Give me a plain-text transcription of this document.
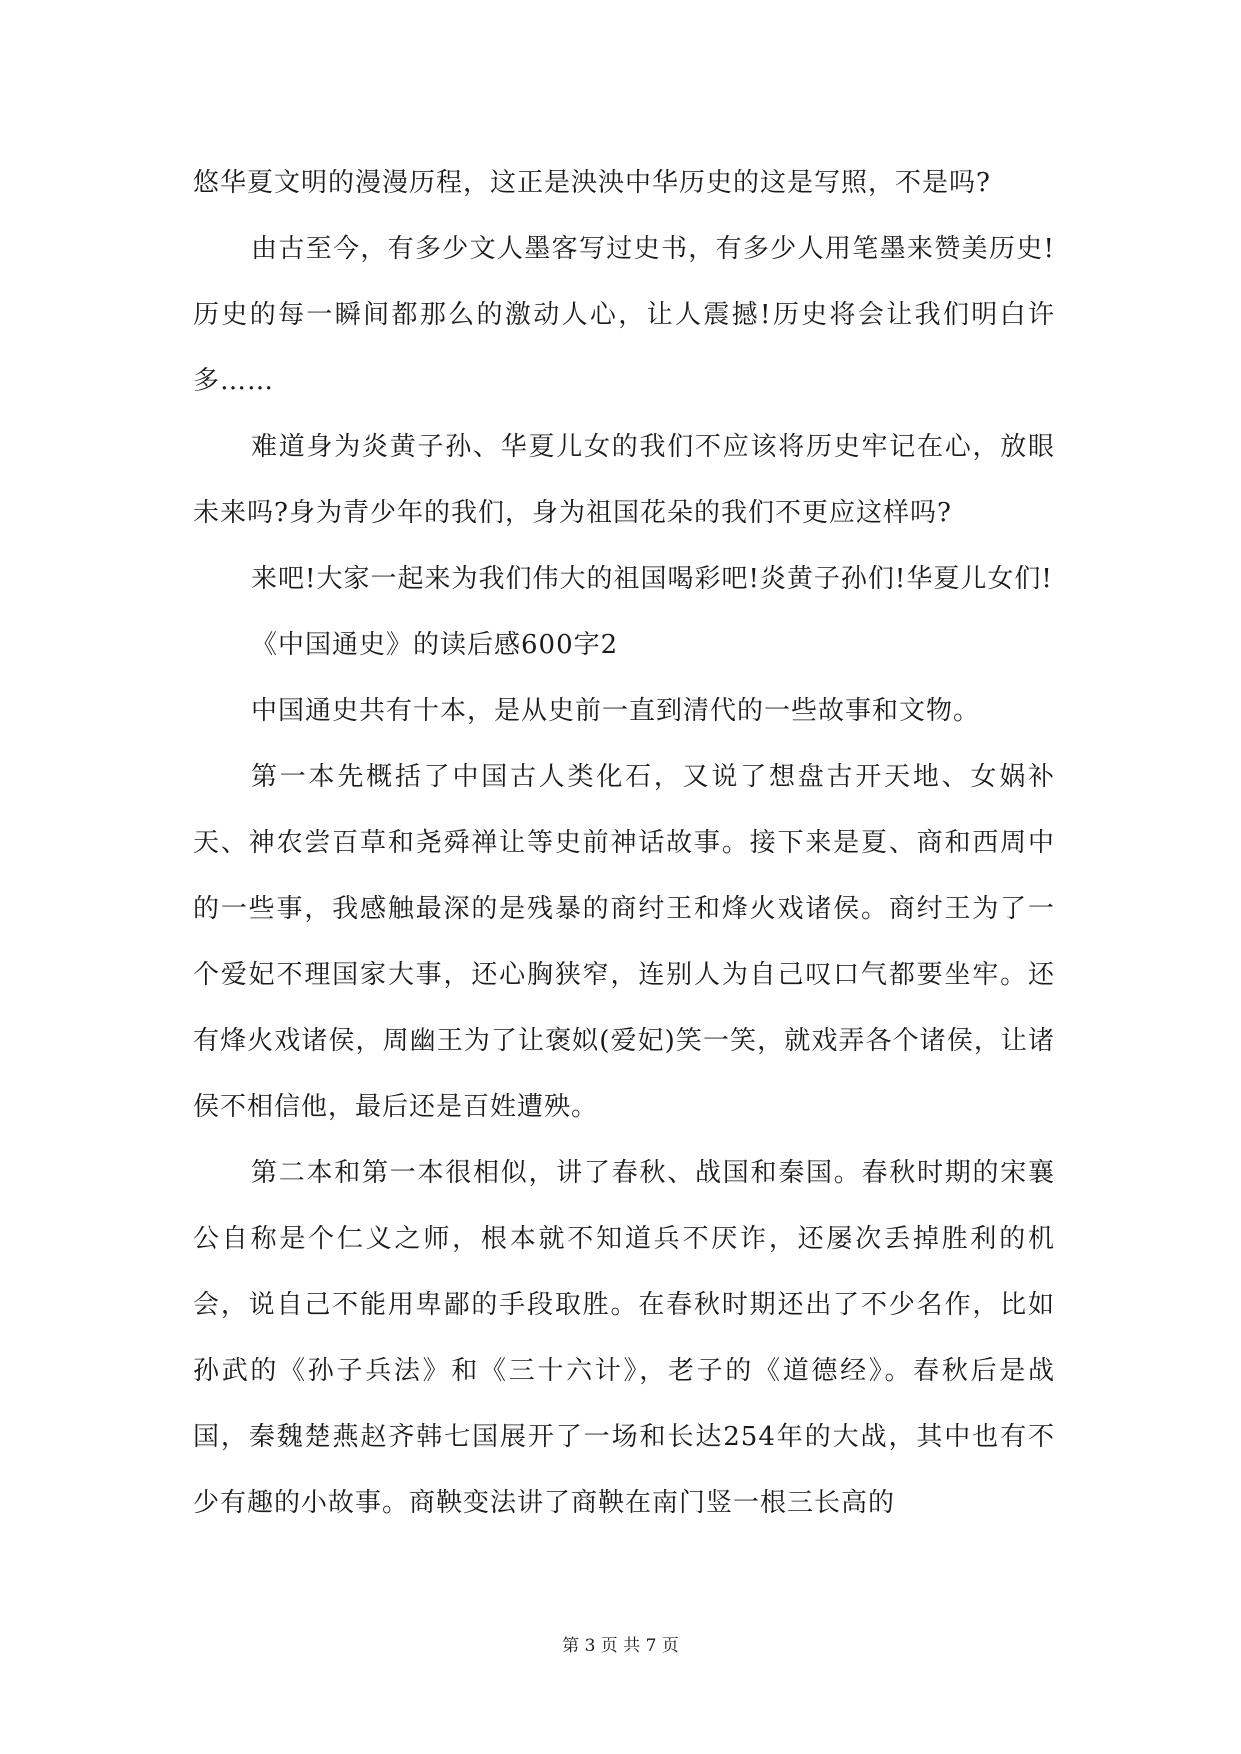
悠华夏文明的漫漫历程，这正是泱泱中华历史的这是写照，不是吗?

由古至今，有多少文人墨客写过史书，有多少人用笔墨来赞美历史!历史的每一瞬间都那么的激动人心，让人震撼!历史将会让我们明白许多……

难道身为炎黄子孙、华夏儿女的我们不应该将历史牢记在心，放眼未来吗?身为青少年的我们，身为祖国花朵的我们不更应这样吗?

来吧!大家一起来为我们伟大的祖国喝彩吧!炎黄子孙们!华夏儿女们!

《中国通史》的读后感600字2

中国通史共有十本，是从史前一直到清代的一些故事和文物。

第一本先概括了中国古人类化石，又说了想盘古开天地、女娲补天、神农尝百草和尧舜禅让等史前神话故事。接下来是夏、商和西周中的一些事，我感触最深的是残暴的商纣王和烽火戏诸侯。商纣王为了一个爱妃不理国家大事，还心胸狭窄，连别人为自己叹口气都要坐牢。还有烽火戏诸侯，周幽王为了让褒姒(爱妃)笑一笑，就戏弄各个诸侯，让诸侯不相信他，最后还是百姓遭殃。

第二本和第一本很相似，讲了春秋、战国和秦国。春秋时期的宋襄公自称是个仁义之师，根本就不知道兵不厌诈，还屡次丢掉胜利的机会，说自己不能用卑鄙的手段取胜。在春秋时期还出了不少名作，比如孙武的《孙子兵法》和《三十六计》，老子的《道德经》。春秋后是战国，秦魏楚燕赵齐韩七国展开了一场和长达254年的大战，其中也有不少有趣的小故事。商鞅变法讲了商鞅在南门竖一根三长高的

第 3 页 共 7 页
